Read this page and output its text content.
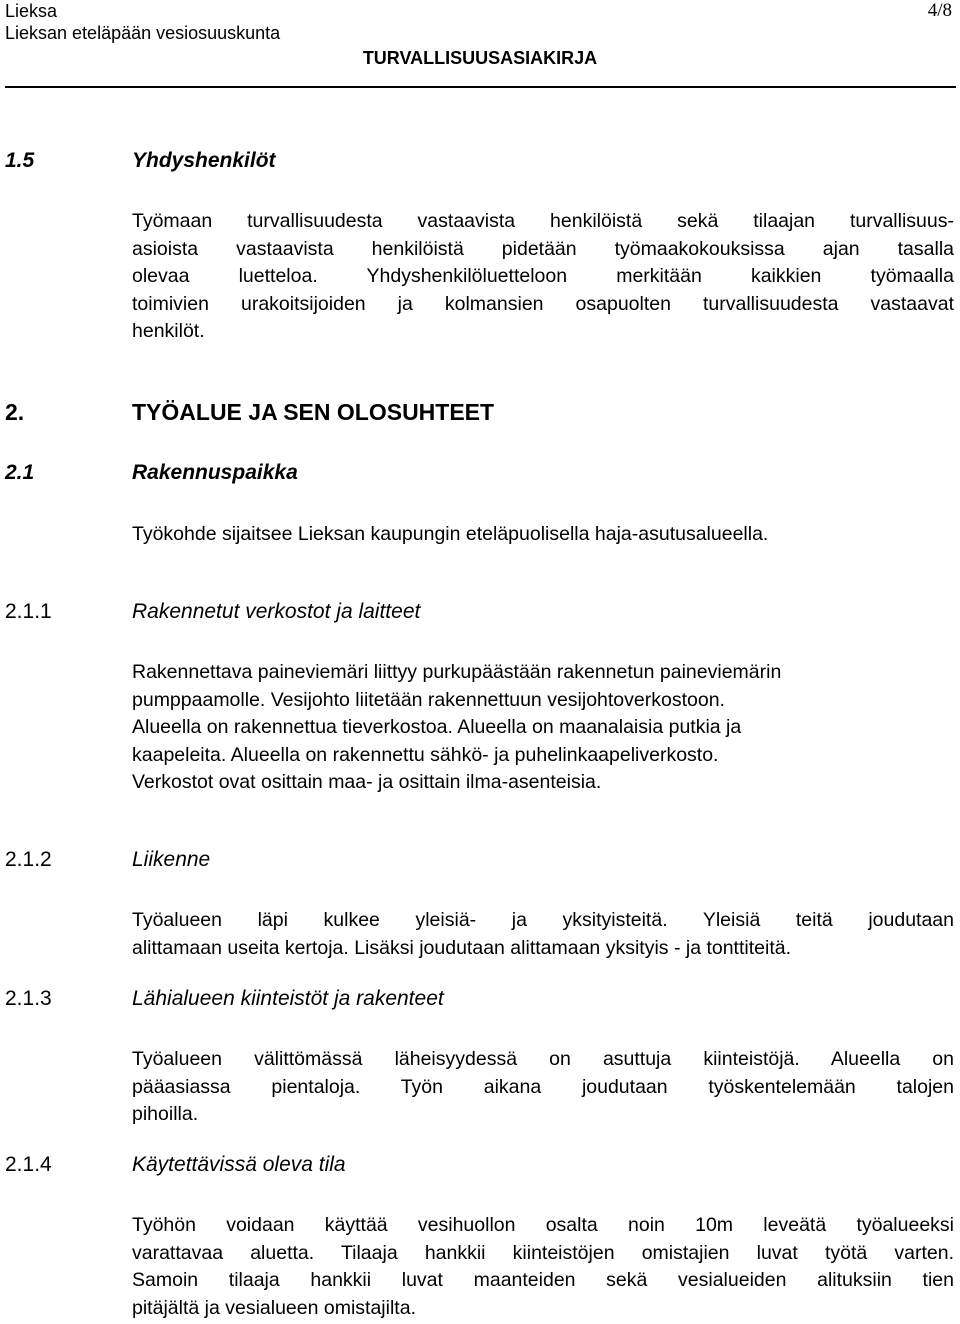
Lieksa
Lieksan eteläpään vesiosuuskunta
4/8
TURVALLISUUSASIAKIRJA
1.5	Yhdyshenkilöt
Työmaan turvallisuudesta vastaavista henkilöistä sekä tilaajan turvallisuus-
asioista vastaavista henkilöistä pidetään työmaakokouksissa ajan tasalla
olevaa luetteloa. Yhdyshenkilöluetteloon merkitään kaikkien työmaalla
toimivien urakoitsijoiden ja kolmansien osapuolten turvallisuudesta vastaavat
henkilöt.
2.	TYÖALUE JA SEN OLOSUHTEET
2.1	Rakennuspaikka
Työkohde sijaitsee Lieksan kaupungin eteläpuolisella haja-asutusalueella.
2.1.1	Rakennetut verkostot ja laitteet
Rakennettava paineviemäri liittyy purkupäästään rakennetun paineviemärin
pumppaamolle. Vesijohto liitetään rakennettuun vesijohtoverkostoon.
Alueella on rakennettua tieverkostoa. Alueella on maanalaisia putkia ja
kaapeleita. Alueella on rakennettu sähkö- ja puhelinkaapeliverkosto.
Verkostot ovat osittain maa- ja osittain ilma-asenteisia.
2.1.2	Liikenne
Työalueen läpi kulkee yleisiä- ja yksityisteitä. Yleisiä teitä joudutaan
alittamaan useita kertoja. Lisäksi joudutaan alittamaan yksityis - ja tonttiteitä.
2.1.3	Lähialueen kiinteistöt ja rakenteet
Työalueen välittömässä läheisyydessä on asuttuja kiinteistöjä. Alueella on
pääasiassa pientaloja. Työn aikana joudutaan työskentelemään talojen
pihoilla.
2.1.4	Käytettävissä oleva tila
Työhön voidaan käyttää vesihuollon osalta noin 10m leveätä työalueeksi
varattavaa aluetta. Tilaaja hankkii kiinteistöjen omistajien luvat työtä varten.
Samoin tilaaja hankkii luvat maanteiden sekä vesialueiden alituksiin tien
pitäjältä ja vesialueen omistajilta.
